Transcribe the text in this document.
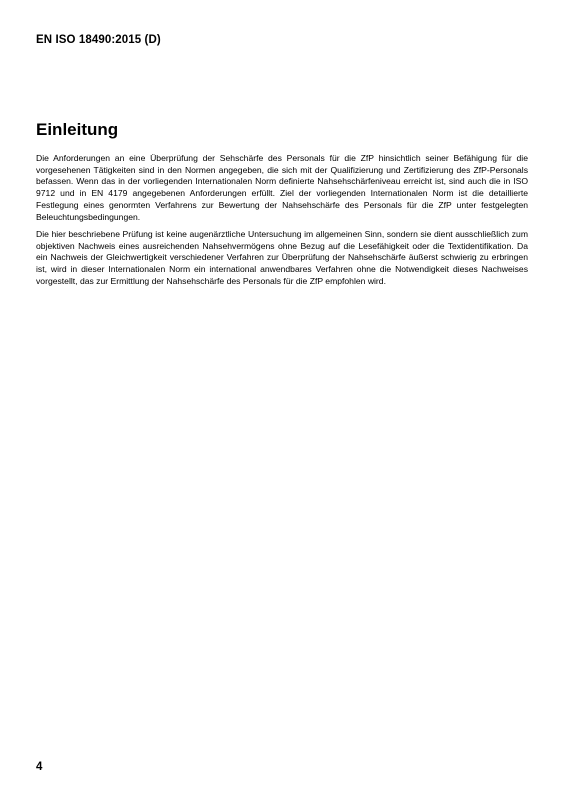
EN ISO 18490:2015 (D)
Einleitung

Die Anforderungen an eine Überprüfung der Sehschärfe des Personals für die ZfP hinsichtlich seiner Befähigung für die vorgesehenen Tätigkeiten sind in den Normen angegeben, die sich mit der Qualifizierung und Zertifizierung des ZfP-Personals befassen. Wenn das in der vorliegenden Internationalen Norm definierte Nahsehschärfeniveau erreicht ist, sind auch die in ISO 9712 und in EN 4179 angegebenen Anforderungen erfüllt. Ziel der vorliegenden Internationalen Norm ist die detaillierte Festlegung eines genormten Verfahrens zur Bewertung der Nahsehschärfe des Personals für die ZfP unter festgelegten Beleuchtungsbedingungen.

Die hier beschriebene Prüfung ist keine augenärztliche Untersuchung im allgemeinen Sinn, sondern sie dient ausschließlich zum objektiven Nachweis eines ausreichenden Nahsehvermögens ohne Bezug auf die Lesefähigkeit oder die Textidentifikation. Da ein Nachweis der Gleichwertigkeit verschiedener Verfahren zur Überprüfung der Nahsehschärfe äußerst schwierig zu erbringen ist, wird in dieser Internationalen Norm ein international anwendbares Verfahren ohne die Notwendigkeit dieses Nachweises vorgestellt, das zur Ermittlung der Nahsehschärfe des Personals für die ZfP empfohlen wird.

4
